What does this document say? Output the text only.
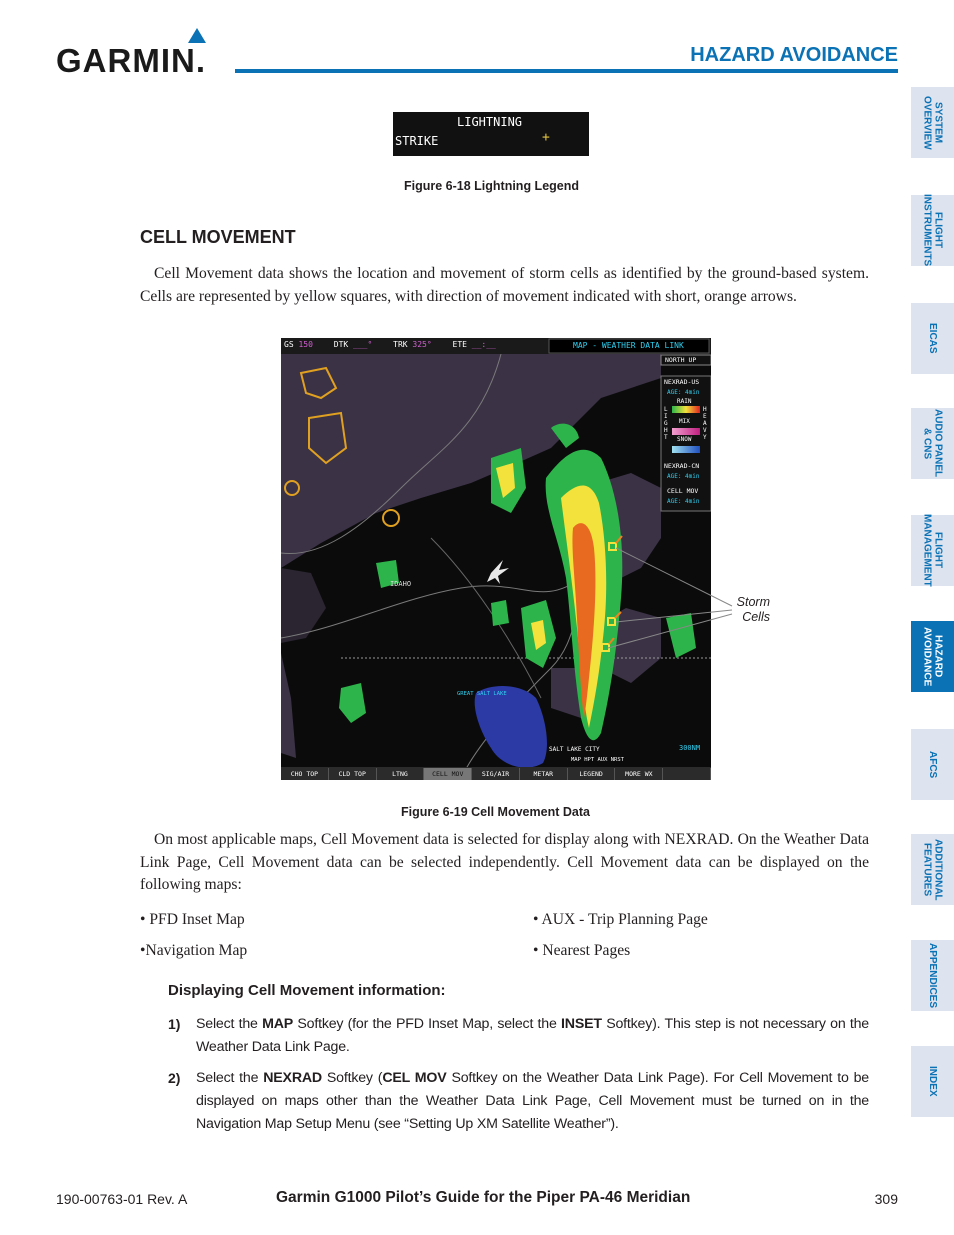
GARMIN.	HAZARD AVOIDANCE
SYSTEM
OVERVIEW
FLIGHT
INSTRUMENTS
EICAS
AUDIO PANEL
& CNS
FLIGHT
MANAGEMENT
HAZARD
AVOIDANCE
AFCS
ADDITIONAL
FEATURES
APPENDICES
INDEX
LIGHTNING
STRIKE	+
Figure 6-18 Lightning Legend
CELL MOVEMENT

Cell Movement data shows the location and movement of storm cells as identified by the ground-based system. Cells are represented by yellow squares, with direction of movement indicated with short, orange arrows.

GS 150	DTK ___°	TRK 325°	ETE __:__	MAP - WEATHER DATA LINK
NORTH UP
NEXRAD-US
AGE: 4min
RAIN
MIX
SNOW
LIGHT
HEAVY
NEXRAD-CN
AGE: 4min
CELL MOV
AGE: 4min
IDAHO
GREAT SALT LAKE
SALT LAKE CITY	300NM
MAP HPT AUX NRST
CHO TOP	CLD TOP	LTNG	CELL MOV	SIG/AIR	METAR	LEGEND	MORE WX
Storm
Cells
Figure 6-19 Cell Movement Data

On most applicable maps, Cell Movement data is selected for display along with NEXRAD. On the Weather Data Link Page, Cell Movement data can be selected independently. Cell Movement data can be displayed on the following maps:

• PFD Inset Map
•Navigation Map
• AUX - Trip Planning Page
• Nearest Pages
Displaying Cell Movement information:
1) Select the MAP Softkey (for the PFD Inset Map, select the INSET Softkey). This step is not necessary on the Weather Data Link Page.

2) Select the NEXRAD Softkey (CEL MOV Softkey on the Weather Data Link Page). For Cell Movement to be displayed on maps other than the Weather Data Link Page, Cell Movement must be turned on in the Navigation Map Setup Menu (see “Setting Up XM Satellite Weather”).

190-00763-01 Rev. A	Garmin G1000 Pilot’s Guide for the Piper PA-46 Meridian	309
